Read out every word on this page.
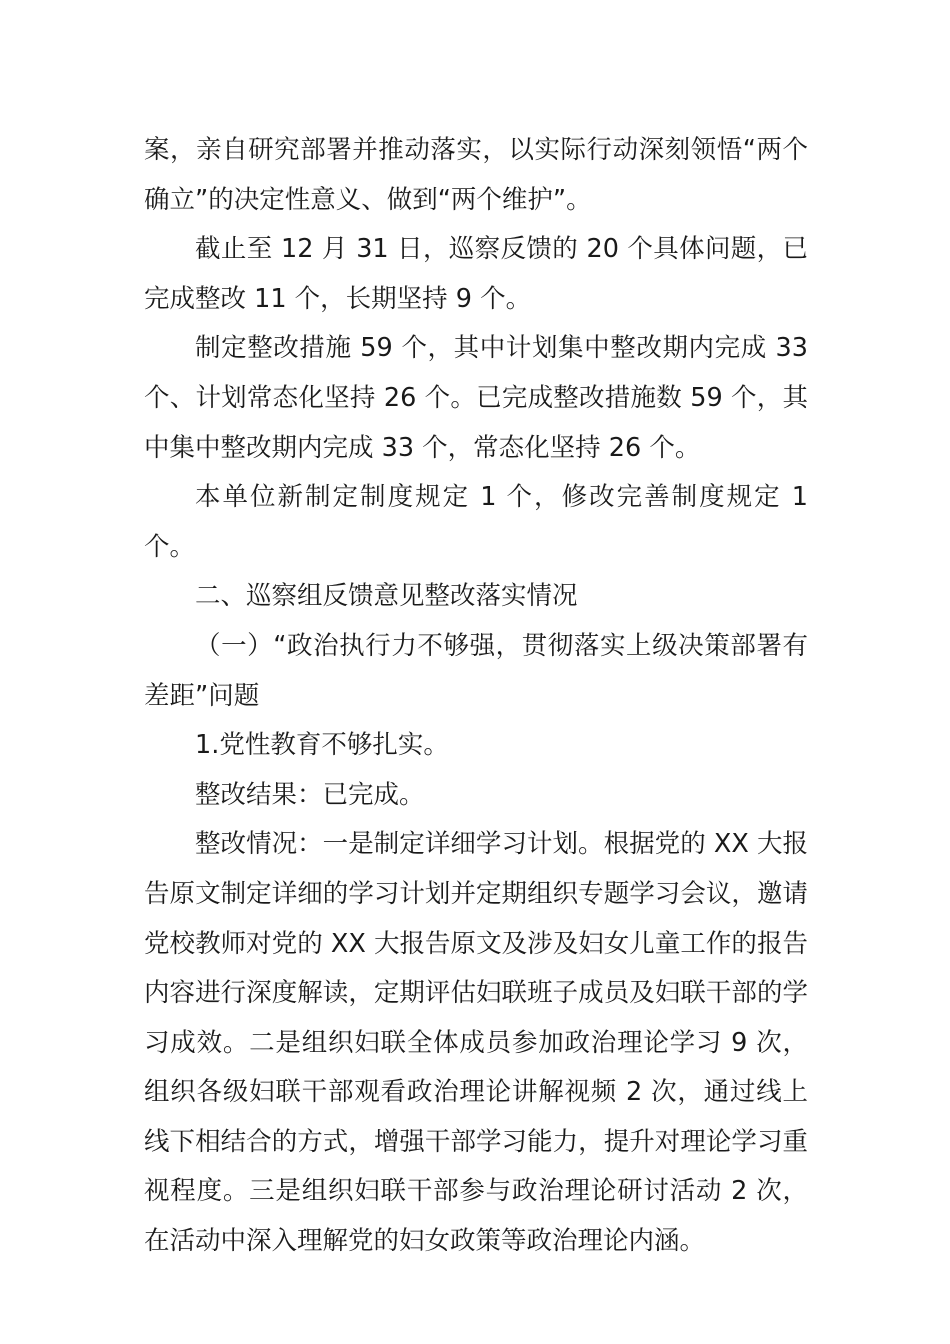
案，亲自研究部署并推动落实，以实际行动深刻领悟“两个确立”的决定性意义、做到“两个维护”。

截止至 12 月 31 日，巡察反馈的 20 个具体问题，已完成整改 11 个，长期坚持 9 个。

制定整改措施 59 个，其中计划集中整改期内完成 33 个、计划常态化坚持 26 个。已完成整改措施数 59 个，其中集中整改期内完成 33 个，常态化坚持 26 个。

本单位新制定制度规定 1 个，修改完善制度规定 1 个。

二、巡察组反馈意见整改落实情况

（一）“政治执行力不够强，贯彻落实上级决策部署有差距”问题

1.党性教育不够扎实。

整改结果：已完成。

整改情况：一是制定详细学习计划。根据党的 XX 大报告原文制定详细的学习计划并定期组织专题学习会议，邀请党校教师对党的 XX 大报告原文及涉及妇女儿童工作的报告内容进行深度解读，定期评估妇联班子成员及妇联干部的学习成效。二是组织妇联全体成员参加政治理论学习 9 次，组织各级妇联干部观看政治理论讲解视频 2 次，通过线上线下相结合的方式，增强干部学习能力，提升对理论学习重视程度。三是组织妇联干部参与政治理论研讨活动 2 次，在活动中深入理解党的妇女政策等政治理论内涵。
